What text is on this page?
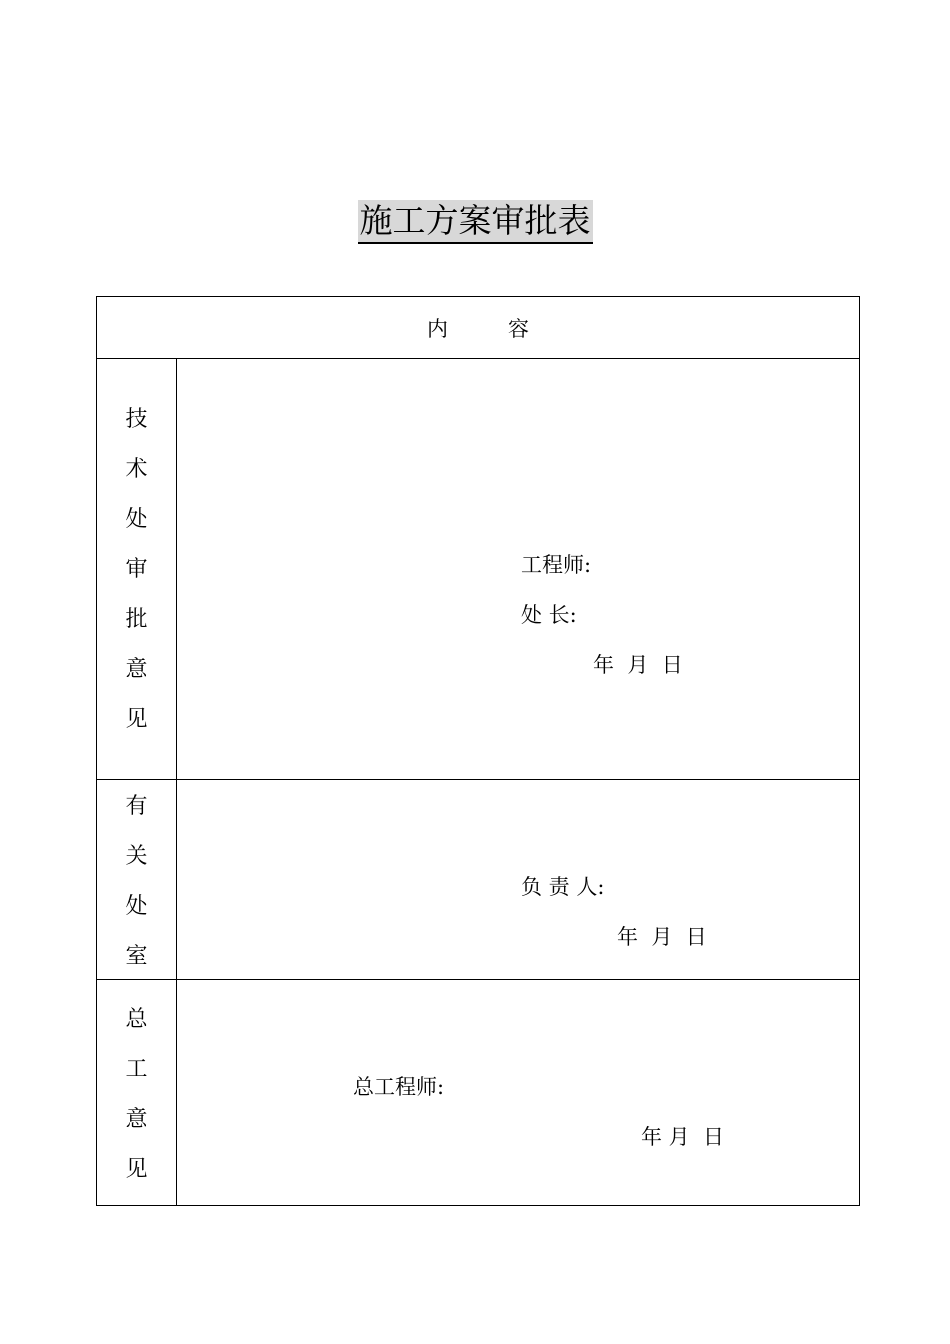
施工方案审批表
内	容
技
术
处
审
批
意
见
工程师:
处 长:
年  月  日
有
关
处
室
负 责 人:
年  月  日
总
工
意
见
总工程师:
年 月  日
